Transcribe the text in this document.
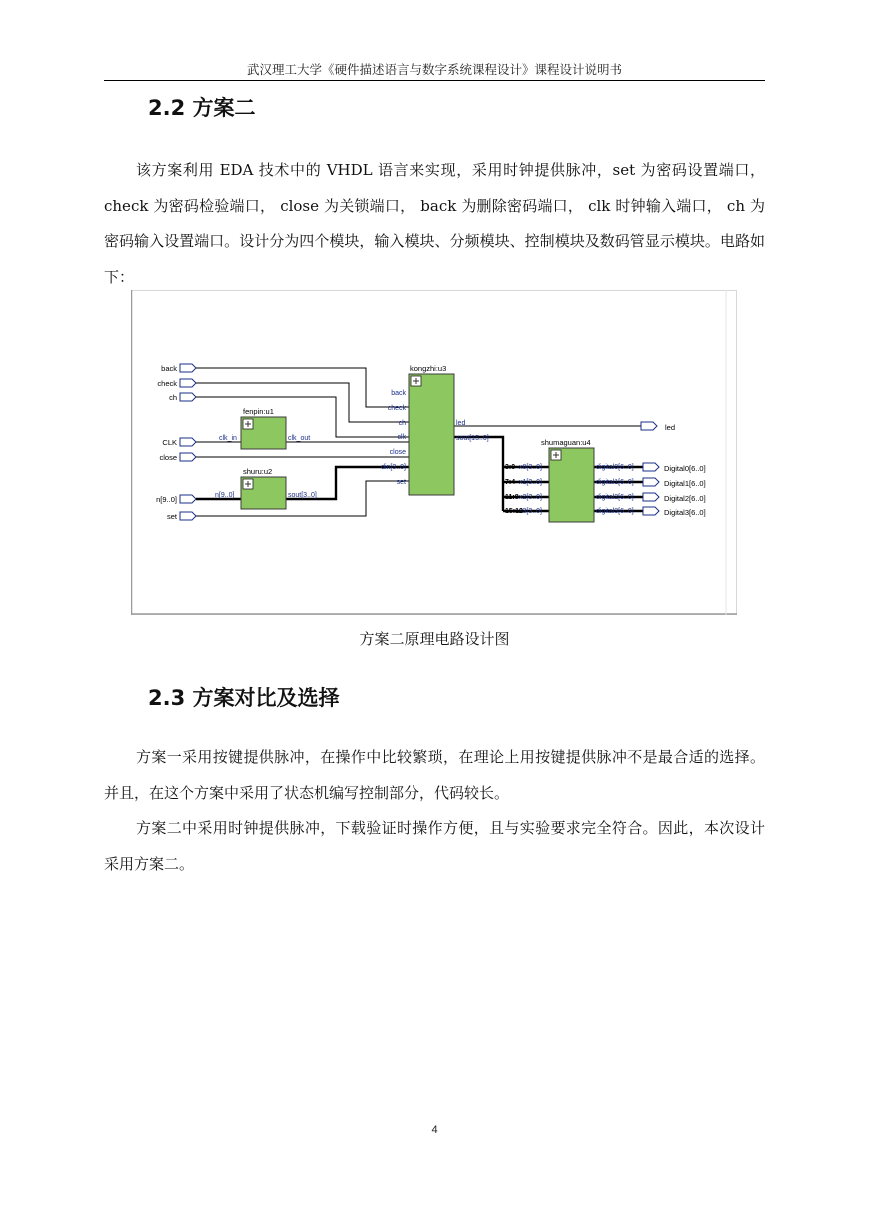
武汉理工大学《硬件描述语言与数字系统课程设计》课程设计说明书
2.2 方案二
该方案利用 EDA 技术中的 VHDL 语言来实现，采用时钟提供脉冲，set 为密码设置端口， check 为密码检验端口， close 为关锁端口， back 为删除密码端口， clk 时钟输入端口， ch 为密码输入设置端口。设计分为四个模块，输入模块、分频模块、控制模块及数码管显示模块。电路如下：
back
check
ch
CLK
close
n[9..0]
set
fenpin:u1
clk_in	clk_out
shuru:u2
n[9..0]	sout[3..0]
kongzhi:u3
back
check
ch
clk
close
din[3..0]
set
led
sout[15..0]	shumaguan:u4
x0[3..0]
x1[3..0]
x2[3..0]
x3[3..0]
digital0[6..0]
digital1[6..0]
digital2[6..0]
digital3[6..0]
3:0
7:4
11:8
15:12
led
Digital0[6..0]
Digital1[6..0]
Digital2[6..0]
Digital3[6..0]
方案二原理电路设计图
2.3 方案对比及选择
方案一采用按键提供脉冲，在操作中比较繁琐，在理论上用按键提供脉冲不是最合适的选择。并且，在这个方案中采用了状态机编写控制部分，代码较长。
方案二中采用时钟提供脉冲，下载验证时操作方便，且与实验要求完全符合。因此，本次设计采用方案二。
4
